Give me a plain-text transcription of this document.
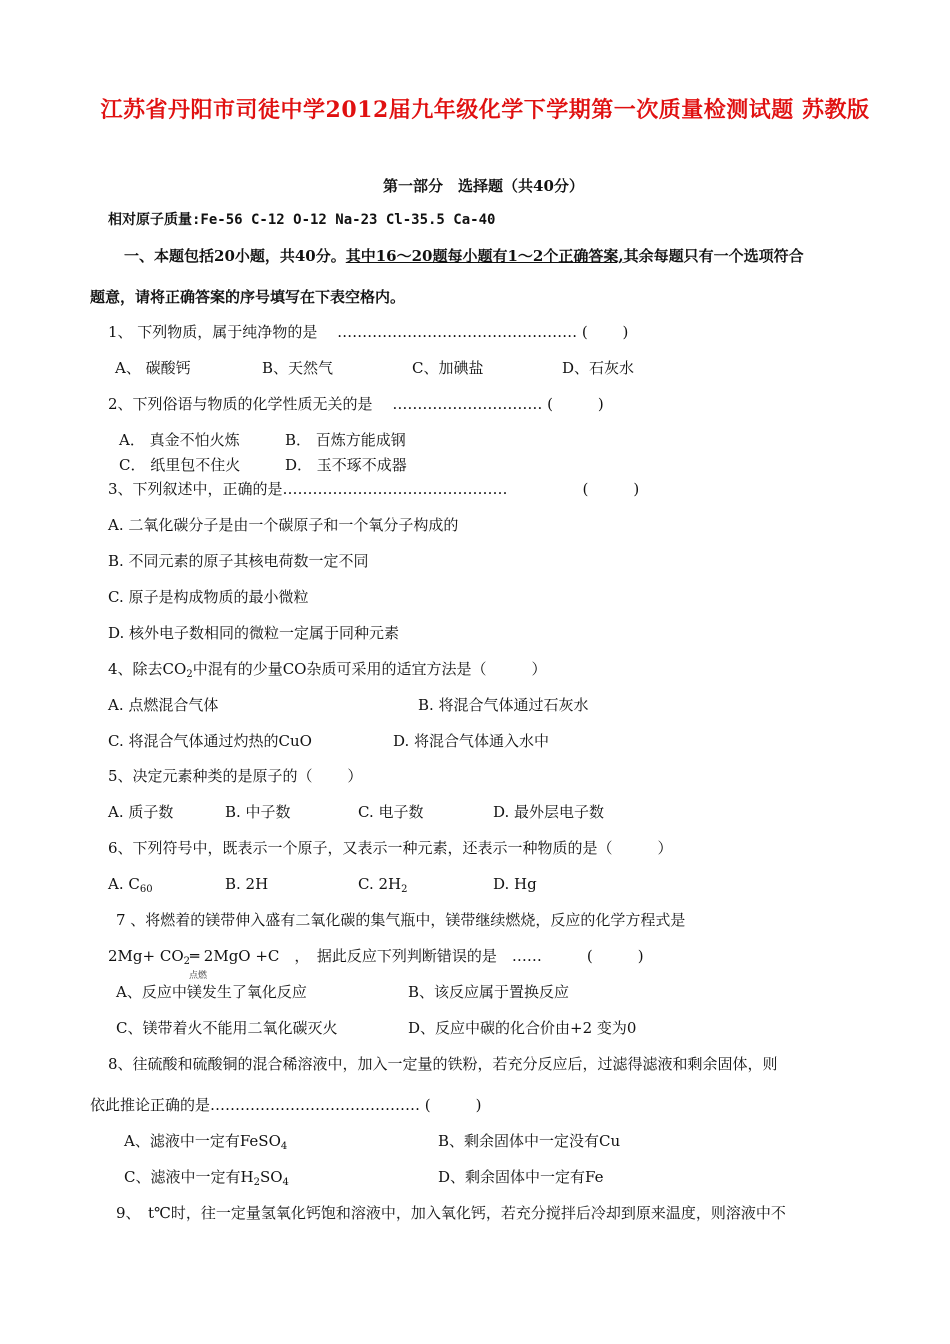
江苏省丹阳市司徒中学2012届九年级化学下学期第一次质量检测试题 苏教版
第一部分　选择题（共40分）
相对原子质量:Fe-56 C-12 O-12 Na-23 Cl-35.5 Ca-40
一、本题包括20小题，共40分。其中16～20题每小题有1～2个正确答案,其余每题只有一个选项符合
题意，请将正确答案的序号填写在下表空格内。
1、 下列物质，属于纯净物的是　 ………………………………………… (　　 )
A、 碳酸钙	B、天然气	C、加碘盐	D、石灰水
2、下列俗语与物质的化学性质无关的是 　………………………… (　　　)
A． 真金不怕火炼	B． 百炼方能成钢
C． 纸里包不住火	D． 玉不琢不成器
3、下列叙述中，正确的是………………………………………　　　　　(　　　)
A. 二氧化碳分子是由一个碳原子和一个氧分子构成的
B. 不同元素的原子其核电荷数一定不同
C. 原子是构成物质的最小微粒
D. 核外电子数相同的微粒一定属于同种元素
4、除去$CO_2$中混有的少量CO杂质可采用的适宜方法是（　　　）
A. 点燃混合气体	B. 将混合气体通过石灰水
C. 将混合气体通过灼热的CuO	D. 将混合气体通入水中
5、决定元素种类的是原子的（　　 ）
A. 质子数	B. 中子数	C. 电子数	D. 最外层电子数
6、下列符号中，既表示一个原子，又表示一种元素，还表示一种物质的是（　　　）
A. $C_{60}$	B. 2H	C. $2H_2$	D. Hg
7 、将燃着的镁带伸入盛有二氧化碳的集气瓶中，镁带继续燃烧，反应的化学方程式是
$2Mg+ CO_2═$ 2MgO +C　，　据此反应下列判断错误的是　……　　　(　　　)
点燃
A、反应中镁发生了氧化反应	B、该反应属于置换反应
C、镁带着火不能用二氧化碳灭火	D、反应中碳的化合价由+2 变为0
8、往硫酸和硫酸铜的混合稀溶液中，加入一定量的铁粉，若充分反应后，过滤得滤液和剩余固体，则
依此推论正确的是…………………………………… (　　　)
A、滤液中一定有FeSO$_4$	B、剩余固体中一定没有Cu
C、滤液中一定有$H_2SO_4$	D、剩余固体中一定有Fe
9、　t℃时，往一定量氢氧化钙饱和溶液中，加入氧化钙，若充分搅拌后冷却到原来温度，则溶液中不
